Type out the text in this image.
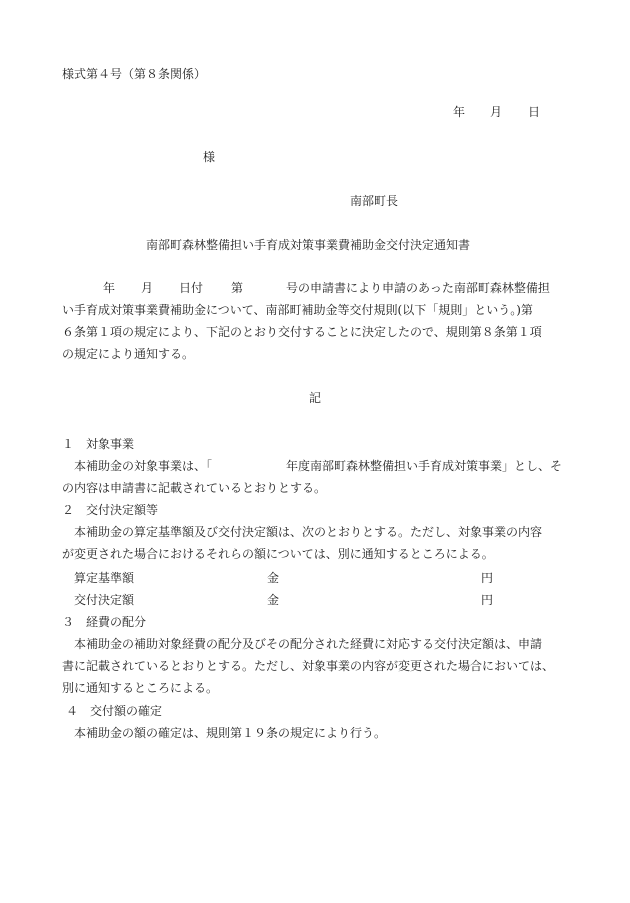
様式第４号（第８条関係）
年 月 日
様
南部町長
南部町森林整備担い手育成対策事業費補助金交付決定通知書
年 月 日付 第	号の申請書により申請のあった南部町森林整備担
い手育成対策事業費補助金について、南部町補助金等交付規則(以下「規則」という。)第
６条第１項の規定により、下記のとおり交付することに決定したので、規則第８条第１項
の規定により通知する。
記
１　対象事業
本補助金の対象事業は、「	年度南部町森林整備担い手育成対策事業」とし、そ
の内容は申請書に記載されているとおりとする。
２　交付決定額等
本補助金の算定基準額及び交付決定額は、次のとおりとする。ただし、対象事業の内容
が変更された場合におけるそれらの額については、別に通知するところによる。
算定基準額	金	円
交付決定額	金	円
３　経費の配分
本補助金の補助対象経費の配分及びその配分された経費に対応する交付決定額は、申請
書に記載されているとおりとする。ただし、対象事業の内容が変更された場合においては、
別に通知するところによる。
４　交付額の確定
本補助金の額の確定は、規則第１９条の規定により行う。
